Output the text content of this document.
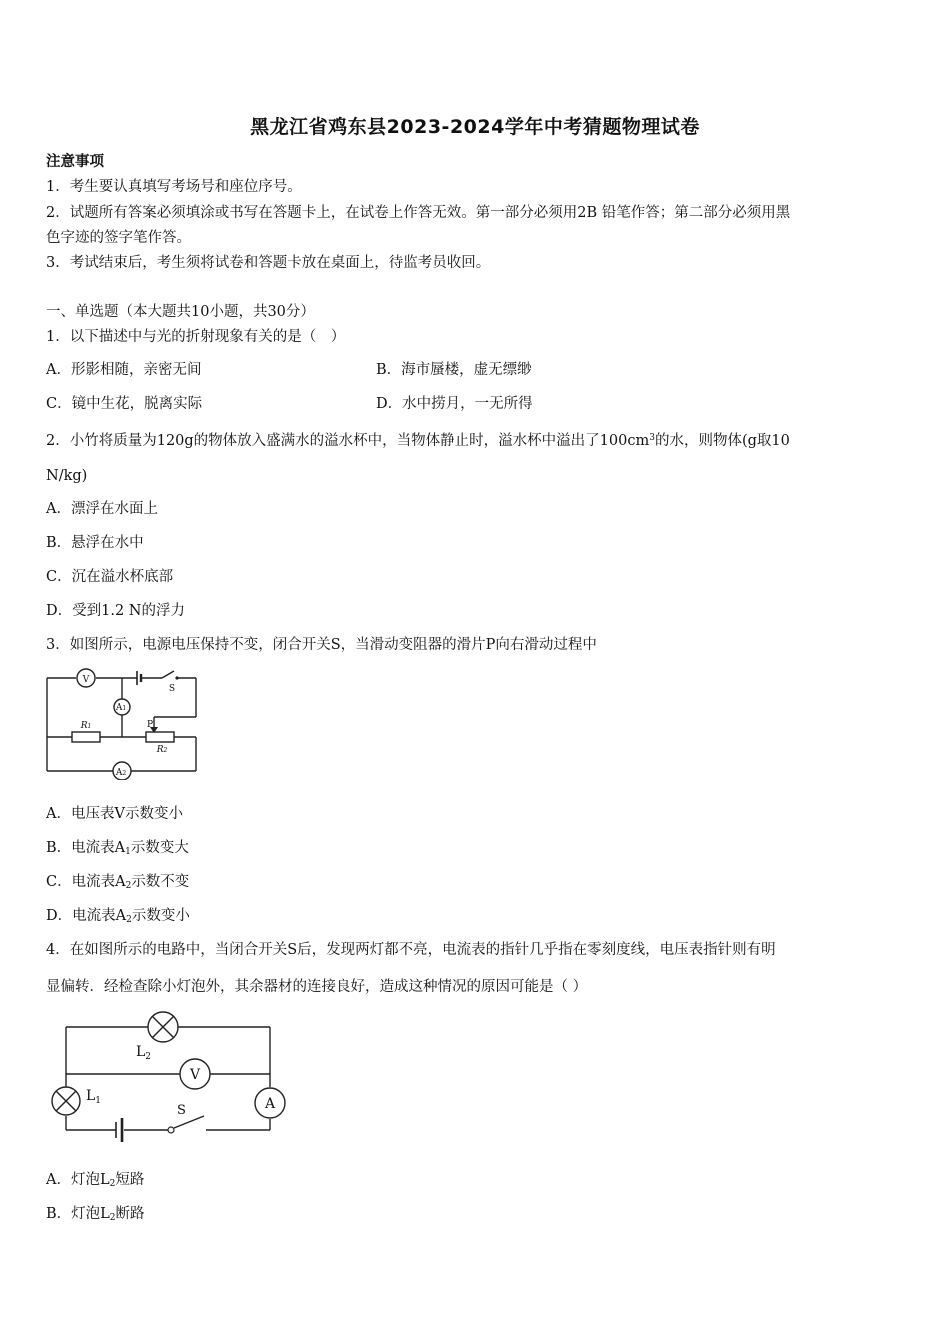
黑龙江省鸡东县2023-2024学年中考猜题物理试卷
注意事项
1．考生要认真填写考场号和座位序号。
2．试题所有答案必须填涂或书写在答题卡上，在试卷上作答无效。第一部分必须用2B 铅笔作答；第二部分必须用黑
色字迹的签字笔作答。
3．考试结束后，考生须将试卷和答题卡放在桌面上，待监考员收回。
一、单选题（本大题共10小题，共30分）
1．以下描述中与光的折射现象有关的是（　）
A．形影相随，亲密无间	B．海市蜃楼，虚无缥缈
C．镜中生花，脱离实际	D．水中捞月，一无所得
2．小竹将质量为120g的物体放入盛满水的溢水杯中，当物体静止时，溢水杯中溢出了$100cm^3$的水，则物体(g取10
N/kg)
A．漂浮在水面上
B．悬浮在水中
C．沉在溢水杯底部
D．受到1.2 N的浮力
3．如图所示，电源电压保持不变，闭合开关S，当滑动变阻器的滑片P向右滑动过程中
V
A1
A2
R1
R2
P
S
A．电压表V示数变小
B．电流表$A_1$示数变大
C．电流表$A_2$示数不变
D．电流表$A_2$示数变小
4．在如图所示的电路中，当闭合开关S后，发现两灯都不亮，电流表的指针几乎指在零刻度线，电压表指针则有明
显偏转．经检查除小灯泡外，其余器材的连接良好，造成这种情况的原因可能是（ ）
$L_2$
$L_1$
V
A
S
A．灯泡$L_2$短路
B．灯泡$L_2$断路
